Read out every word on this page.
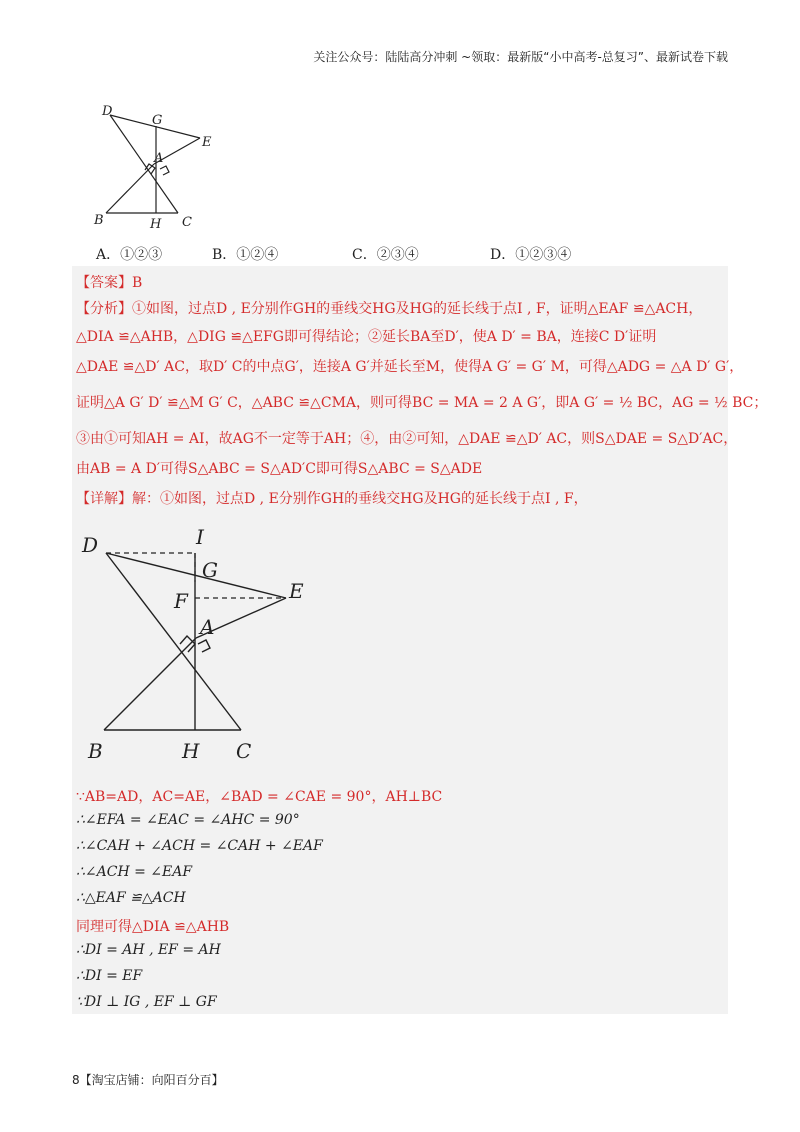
关注公众号：陆陆高分冲刺 ~领取：最新版“小中高考-总复习”、最新试卷下载
D
G
E
A
B	H C
A．①②③	B．①②④	C．②③④	D．①②③④
【答案】B
【分析】①如图，过点D , E分别作GH的垂线交HG及HG的延长线于点I , F，证明△EAF ≌△ACH，
△DIA ≌△AHB，△DIG ≌△EFG即可得结论；②延长BA至D′，使A D′ = BA，连接C D′证明
△DAE ≌△D′ AC，取D′ C的中点G′，连接A G′并延长至M，使得A G′ = G′ M，可得△ADG = △A D′ G′，
证明△A G′ D′ ≌△M G′ C，△ABC ≌△CMA，则可得BC = MA = 2 A G′，即A G′ = ½ BC，AG = ½ BC；
③由①可知AH = AI，故AG不一定等于AH；④，由②可知，△DAE ≌△D′ AC，则S△DAE = S△D′AC，
由AB = A D′可得S△ABC = S△AD′C即可得S△ABC = S△ADE
【详解】解：①如图，过点D , E分别作GH的垂线交HG及HG的延长线于点I , F，
D	I
G
E
F
A
B	H C
∵AB=AD，AC=AE，∠BAD = ∠CAE = 90°，AH⊥BC
∴∠EFA = ∠EAC = ∠AHC = 90°
∴∠CAH + ∠ACH = ∠CAH + ∠EAF
∴∠ACH = ∠EAF
∴△EAF ≌△ACH
同理可得△DIA ≌△AHB
∴DI = AH , EF = AH
∴DI = EF
∵DI ⊥ IG , EF ⊥ GF
8【淘宝店铺：向阳百分百】
